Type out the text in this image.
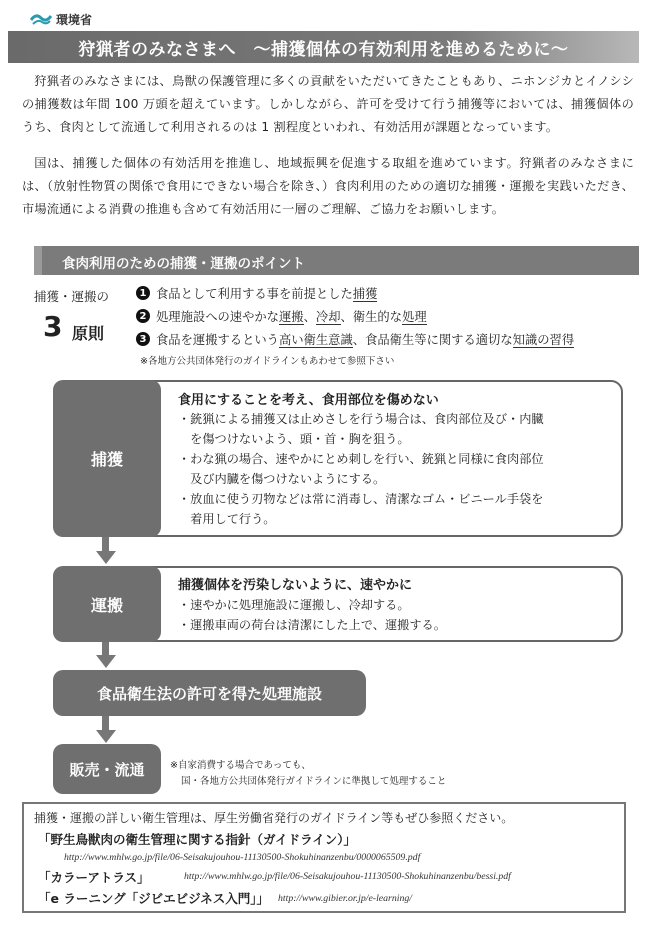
環境省
狩猟者のみなさまへ　～捕獲個体の有効利用を進めるために～
狩猟者のみなさまには、鳥獣の保護管理に多くの貢献をいただいてきたこともあり、ニホンジカとイノシシの捕獲数は年間 100 万頭を超えています。しかしながら、許可を受けて行う捕獲等においては、捕獲個体のうち、食肉として流通して利用されるのは 1 割程度といわれ、有効活用が課題となっています。
国は、捕獲した個体の有効活用を推進し、地域振興を促進する取組を進めています。狩猟者のみなさまには、（放射性物質の関係で食用にできない場合を除き、）食肉利用のための適切な捕獲・運搬を実践いただき、市場流通による消費の推進も含めて有効活用に一層のご理解、ご協力をお願いします。
食肉利用のための捕獲・運搬のポイント
捕獲・運搬の
3 原則
1 食品として利用する事を前提とした捕獲
2 処理施設への速やかな運搬、冷却、衛生的な処理
3 食品を運搬するという高い衛生意識、食品衛生等に関する適切な知識の習得
※各地方公共団体発行のガイドラインもあわせて参照下さい
捕獲
食用にすることを考え、食用部位を傷めない
・銃猟による捕獲又は止めさしを行う場合は、食肉部位及び・内臓
　を傷つけないよう、頭・首・胸を狙う。
・わな猟の場合、速やかにとめ刺しを行い、銃猟と同様に食肉部位
　及び内臓を傷つけないようにする。
・放血に使う刃物などは常に消毒し、清潔なゴム・ビニール手袋を
　着用して行う。
運搬
捕獲個体を汚染しないように、速やかに
・速やかに処理施設に運搬し、冷却する。
・運搬車両の荷台は清潔にした上で、運搬する。
食品衛生法の許可を得た処理施設
販売・流通	※自家消費する場合であっても、
国・各地方公共団体発行ガイドラインに準拠して処理すること
捕獲・運搬の詳しい衛生管理は、厚生労働省発行のガイドライン等もぜひ参照ください。
「野生鳥獣肉の衛生管理に関する指針（ガイドライン）」
http://www.mhlw.go.jp/file/06-Seisakujouhou-11130500-Shokuhinanzenbu/0000065509.pdf
「カラーアトラス」	http://www.mhlw.go.jp/file/06-Seisakujouhou-11130500-Shokuhinanzenbu/bessi.pdf
「e ラーニング「ジビエビジネス入門」」 http://www.gibier.or.jp/e-learning/
